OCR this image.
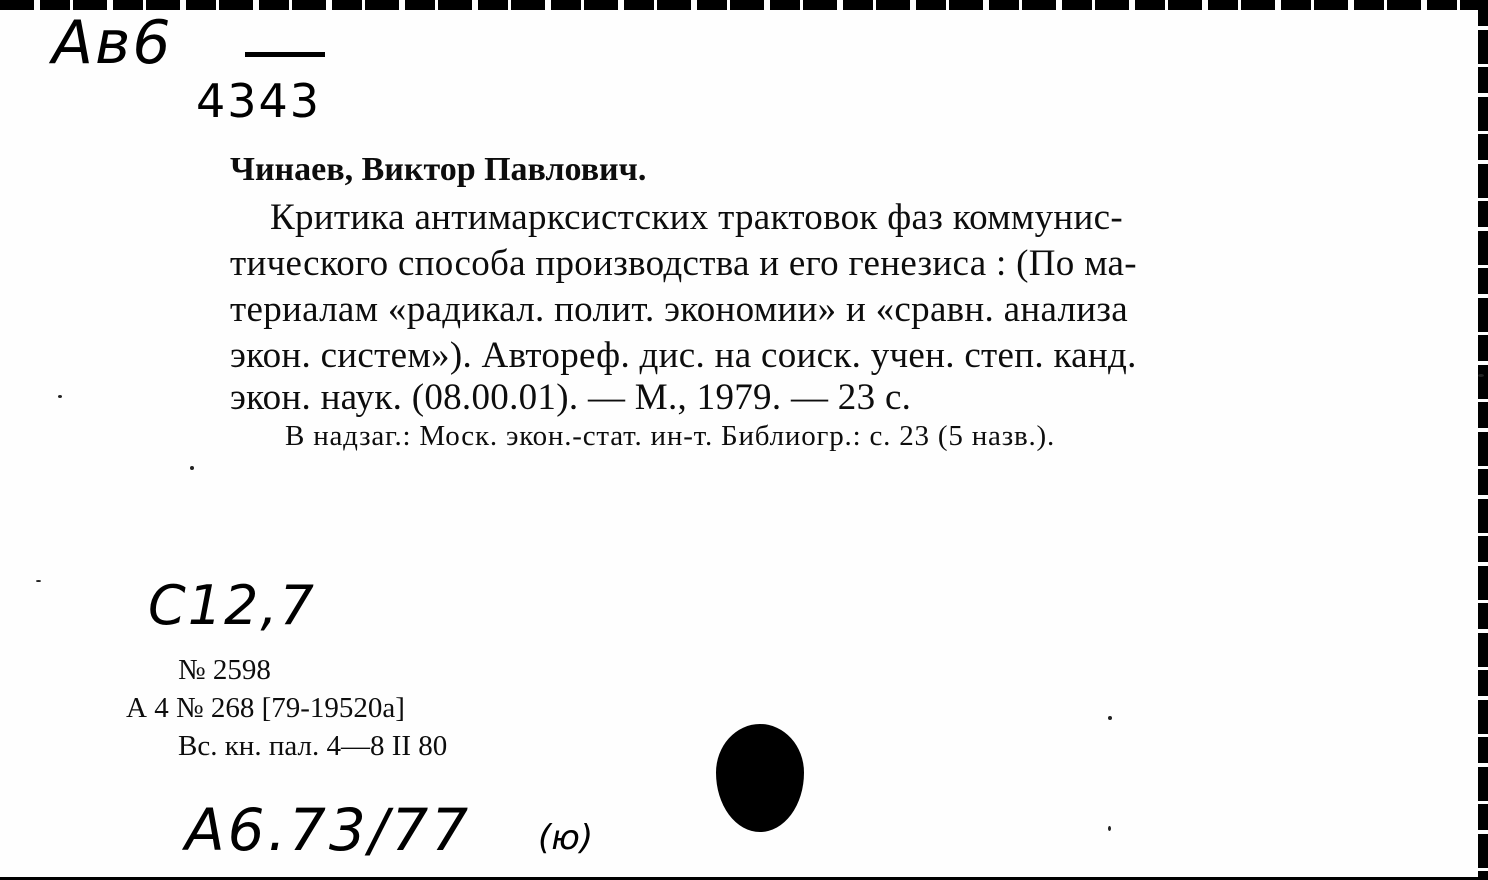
Ав6
4343
Чинаев, Виктор Павлович.
Критика антимарксистских трактовок фаз коммунис-
тического способа производства и его генезиса : (По ма-
териалам «радикал. полит. экономии» и «сравн. анализа
экон. систем»). Автореф. дис. на соиск. учен. степ. канд.
экон. наук. (08.00.01). — М., 1979. — 23 с.
В надзаг.: Моск. экон.-стат. ин-т. Библиогр.: с. 23 (5 назв.).
С12,7
№ 2598
А 4 № 268 [79-19520а]
Вс. кн. пал. 4—8 II 80
А6.73/77 (ю)
